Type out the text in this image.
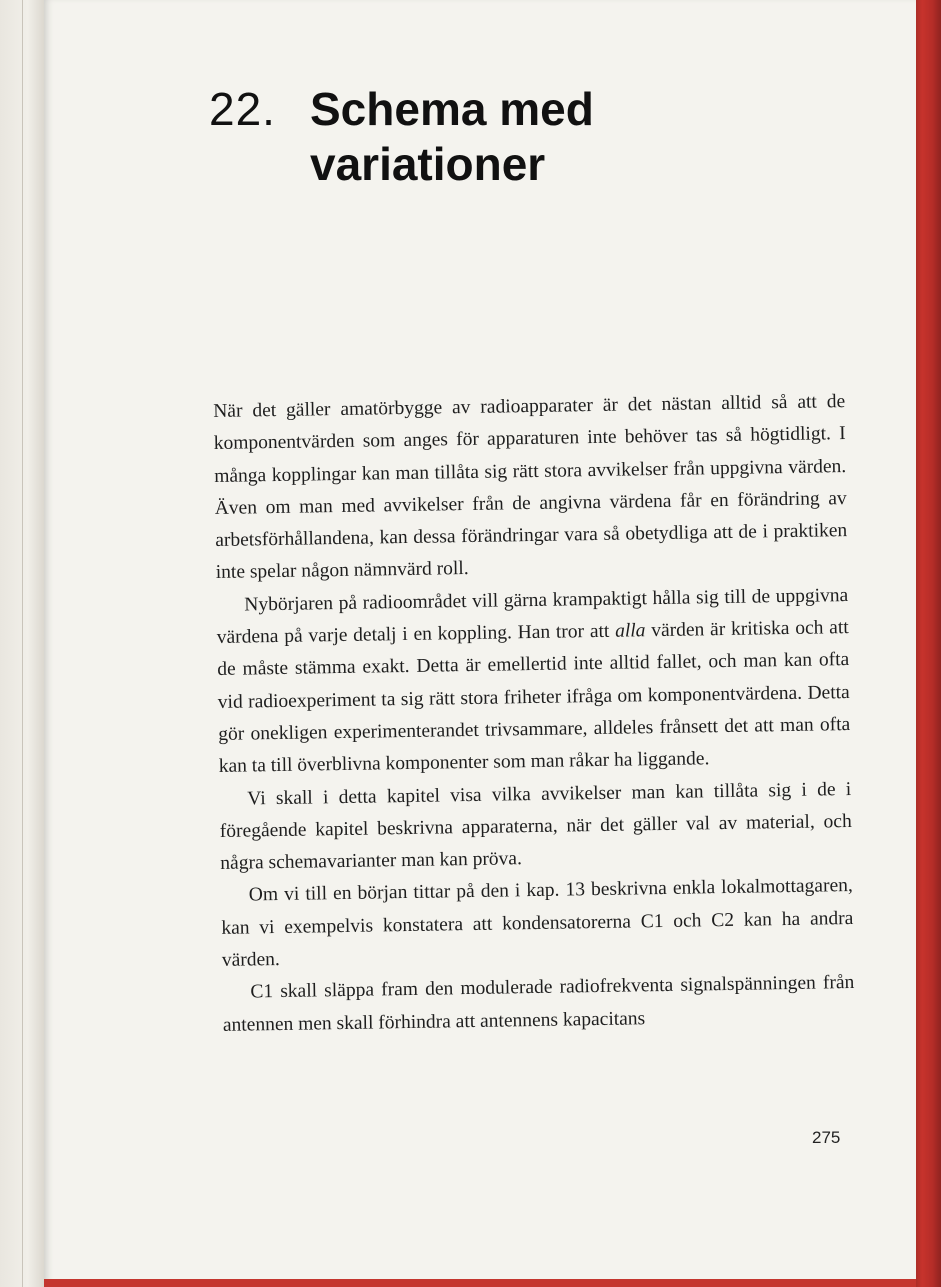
22. Schema med variationer

När det gäller amatörbygge av radioapparater är det nästan alltid så att de komponentvärden som anges för apparaturen inte behöver tas så högtidligt. I många kopplingar kan man tillåta sig rätt stora avvikelser från uppgivna värden. Även om man med avvikelser från de angivna värdena får en förändring av arbetsförhållandena, kan dessa förändringar vara så obetydliga att de i praktiken inte spelar någon nämnvärd roll.

Nybörjaren på radioområdet vill gärna krampaktigt hålla sig till de uppgivna värdena på varje detalj i en koppling. Han tror att alla värden är kritiska och att de måste stämma exakt. Detta är emellertid inte alltid fallet, och man kan ofta vid radioexperiment ta sig rätt stora friheter ifråga om komponentvärdena. Detta gör onekligen experimenterandet trivsammare, alldeles frånsett det att man ofta kan ta till överblivna komponenter som man råkar ha liggande.

Vi skall i detta kapitel visa vilka avvikelser man kan tillåta sig i de i föregående kapitel beskrivna apparaterna, när det gäller val av material, och några schemavarianter man kan pröva.

Om vi till en början tittar på den i kap. 13 beskrivna enkla lokalmottagaren, kan vi exempelvis konstatera att kondensatorerna C1 och C2 kan ha andra värden.

C1 skall släppa fram den modulerade radiofrekventa signalspänningen från antennen men skall förhindra att antennens kapacitans

275
